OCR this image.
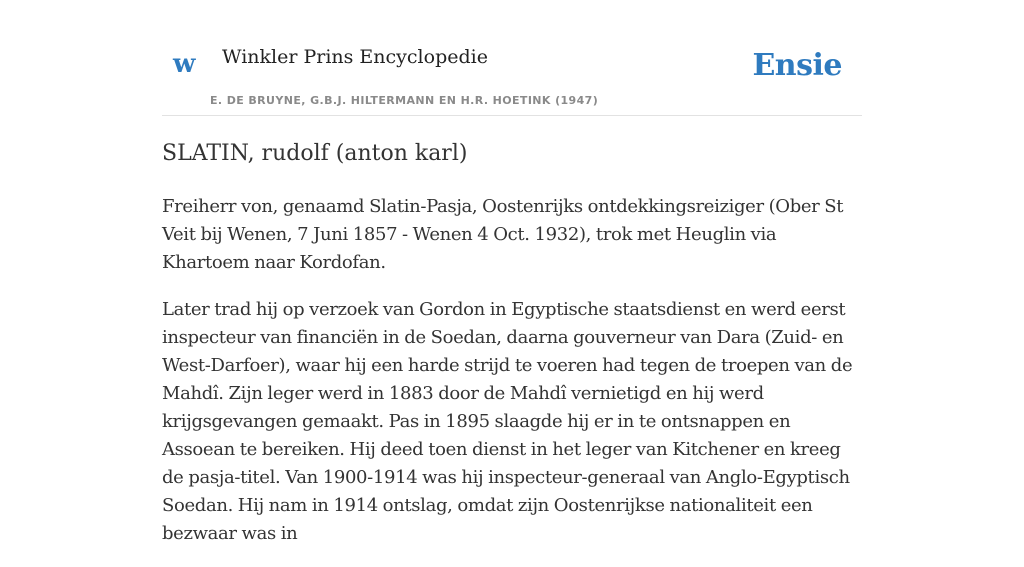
w Winkler Prins Encyclopedie
E. DE BRUYNE, G.B.J. HILTERMANN EN H.R. HOETINK (1947)
Ensie
SLATIN, rudolf (anton karl)

Freiherr von, genaamd Slatin-Pasja, Oostenrijks ontdekkingsreiziger (Ober St Veit bij Wenen, 7 Juni 1857 - Wenen 4 Oct. 1932), trok met Heuglin via Khartoem naar Kordofan.

Later trad hij op verzoek van Gordon in Egyptische staatsdienst en werd eerst inspecteur van financiën in de Soedan, daarna gouverneur van Dara (Zuid- en West-Darfoer), waar hij een harde strijd te voeren had tegen de troepen van de Mahdî. Zijn leger werd in 1883 door de Mahdî vernietigd en hij werd krijgsgevangen gemaakt. Pas in 1895 slaagde hij er in te ontsnappen en Assoean te bereiken. Hij deed toen dienst in het leger van Kitchener en kreeg de pasja-titel. Van 1900-1914 was hij inspecteur-generaal van Anglo-Egyptisch Soedan. Hij nam in 1914 ontslag, omdat zijn Oostenrijkse nationaliteit een bezwaar was in
